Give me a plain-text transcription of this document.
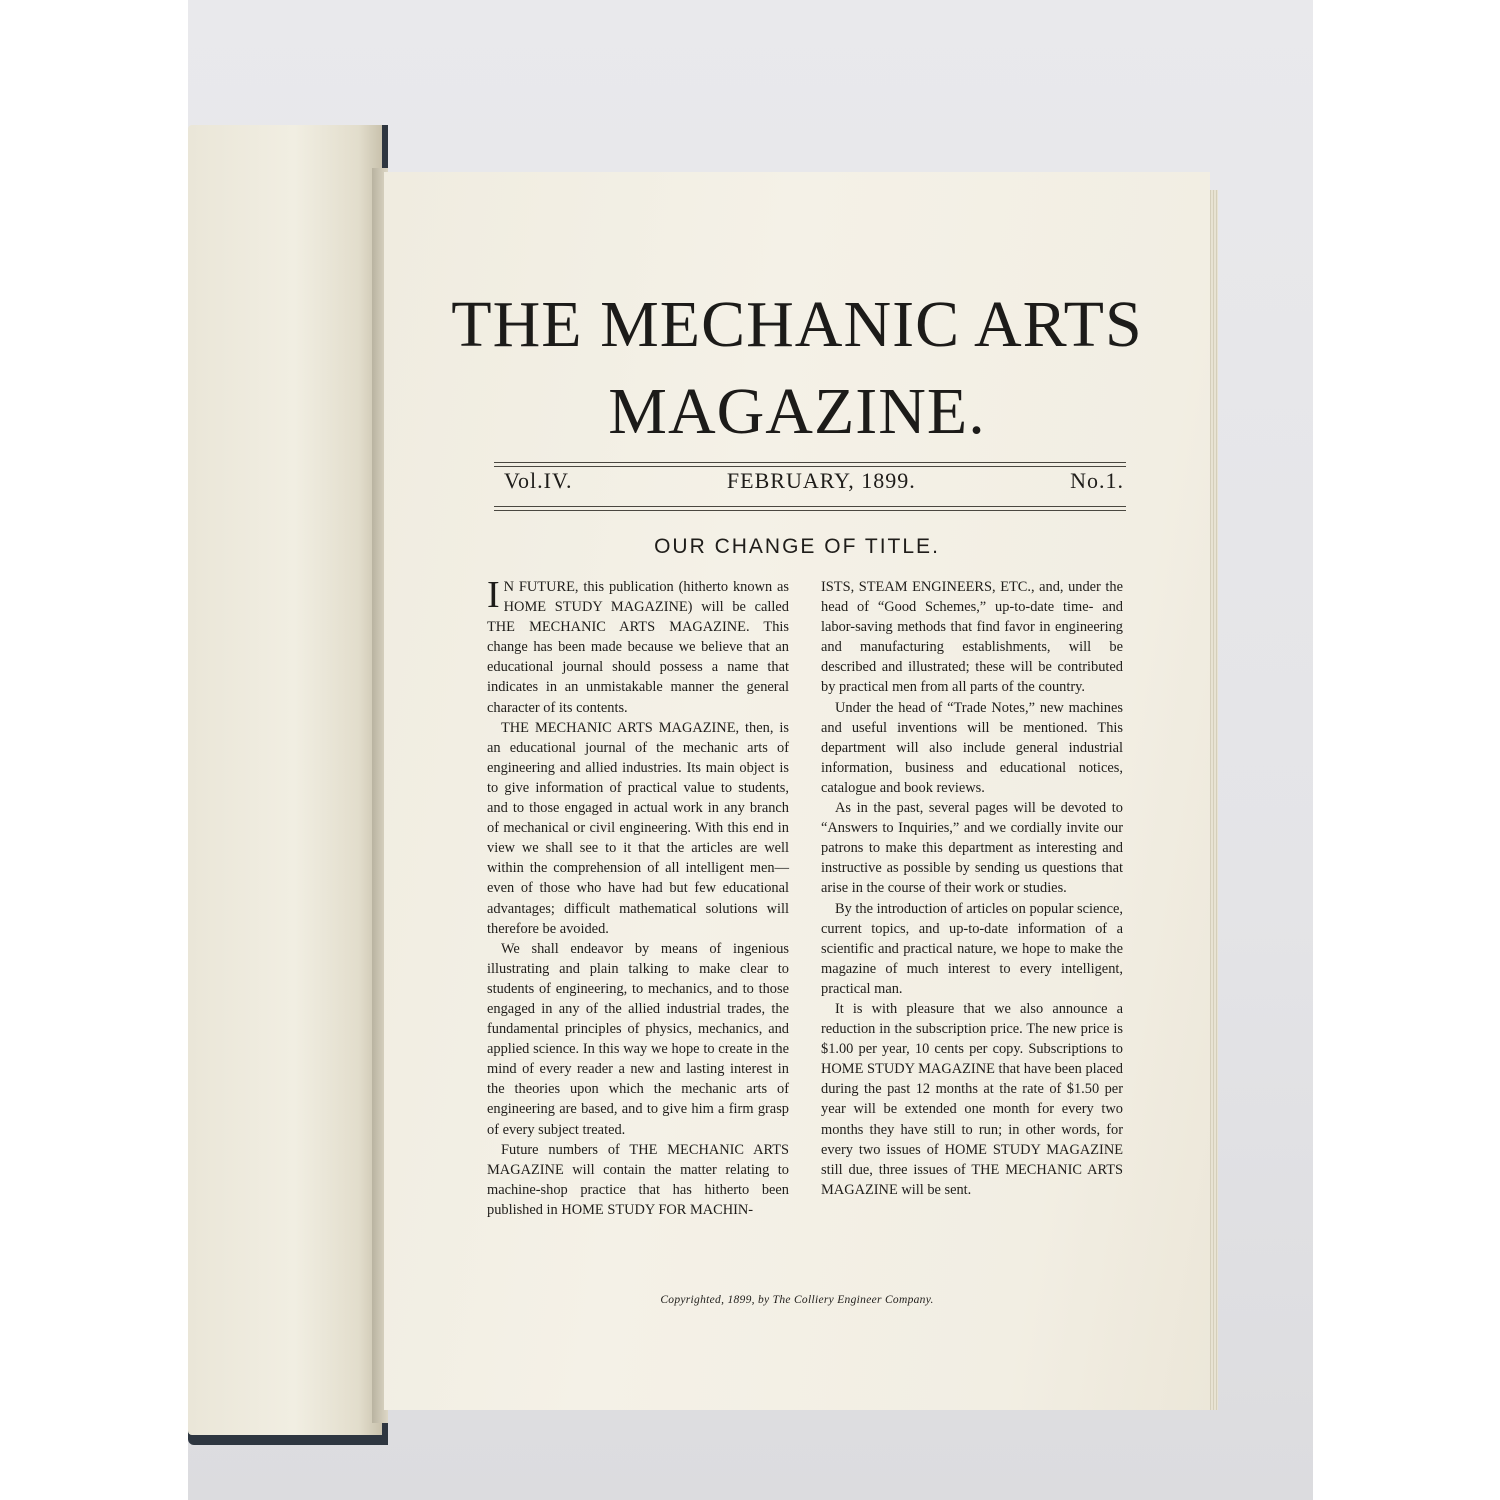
THE MECHANIC ARTS
MAGAZINE.
Vol.IV.	FEBRUARY, 1899.	No.1.
OUR CHANGE OF TITLE.

I N FUTURE, this publication (hitherto known as HOME STUDY MAGAZINE) will be called THE MECHANIC ARTS MAGAZINE. This change has been made because we believe that an educational journal should possess a name that indicates in an unmistakable manner the general character of its contents.

THE MECHANIC ARTS MAGAZINE, then, is an educational journal of the mechanic arts of engineering and allied industries. Its main object is to give information of practical value to students, and to those engaged in actual work in any branch of mechanical or civil engineering. With this end in view we shall see to it that the articles are well within the comprehension of all intelligent men—even of those who have had but few educational advantages; difficult mathematical solutions will therefore be avoided.

We shall endeavor by means of ingenious illustrating and plain talking to make clear to students of engineering, to mechanics, and to those engaged in any of the allied industrial trades, the fundamental principles of physics, mechanics, and applied science. In this way we hope to create in the mind of every reader a new and lasting interest in the theories upon which the mechanic arts of engineering are based, and to give him a firm grasp of every subject treated.

Future numbers of THE MECHANIC ARTS MAGAZINE will contain the matter relating to machine-shop practice that has hitherto been published in HOME STUDY FOR MACHIN-

ISTS, STEAM ENGINEERS, ETC., and, under the head of “Good Schemes,” up-to-date time- and labor-saving methods that find favor in engineering and manufacturing establishments, will be described and illustrated; these will be contributed by practical men from all parts of the country.

Under the head of “Trade Notes,” new machines and useful inventions will be mentioned. This department will also include general industrial information, business and educational notices, catalogue and book reviews.

As in the past, several pages will be devoted to “Answers to Inquiries,” and we cordially invite our patrons to make this department as interesting and instructive as possible by sending us questions that arise in the course of their work or studies.

By the introduction of articles on popular science, current topics, and up-to-date information of a scientific and practical nature, we hope to make the magazine of much interest to every intelligent, practical man.

It is with pleasure that we also announce a reduction in the subscription price. The new price is $1.00 per year, 10 cents per copy. Subscriptions to HOME STUDY MAGAZINE that have been placed during the past 12 months at the rate of $1.50 per year will be extended one month for every two months they have still to run; in other words, for every two issues of HOME STUDY MAGAZINE still due, three issues of THE MECHANIC ARTS MAGAZINE will be sent.

Copyrighted, 1899, by The Colliery Engineer Company.
